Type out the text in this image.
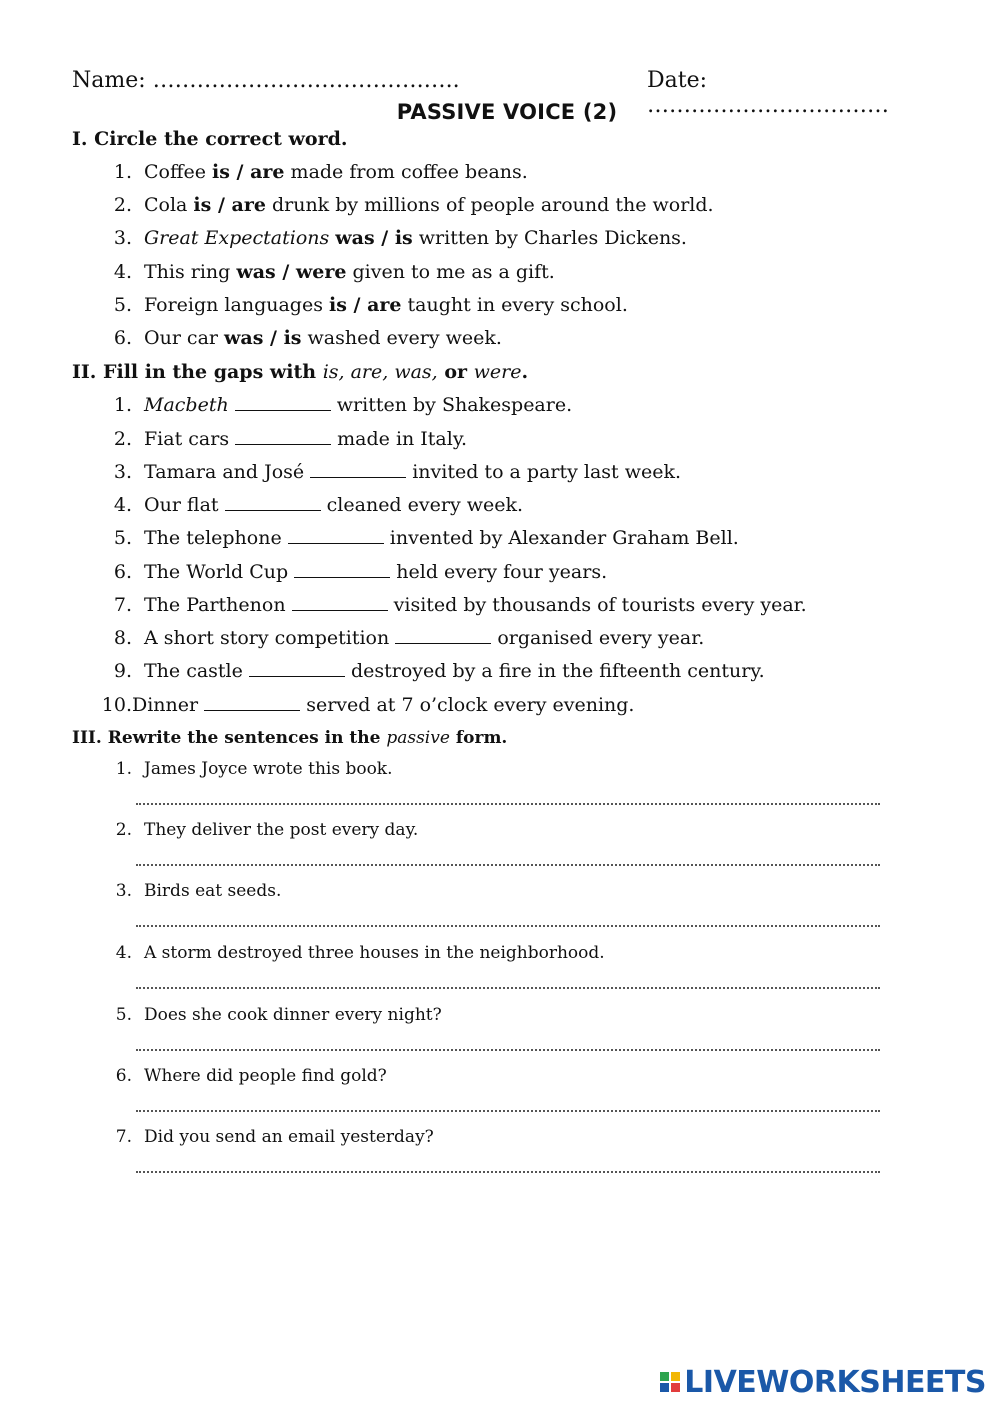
Name: ……………………………….…..	Date: ……………………………
PASSIVE VOICE (2)
I. Circle the correct word.
1. Coffee is / are made from coffee beans.
2. Cola is / are drunk by millions of people around the world.
3. Great Expectations was / is written by Charles Dickens.
4. This ring was / were given to me as a gift.
5. Foreign languages is / are taught in every school.
6. Our car was / is washed every week.
II. Fill in the gaps with is, are, was, or were.
1. Macbeth	written by Shakespeare.
2. Fiat cars	made in Italy.
3. Tamara and José	invited to a party last week.
4. Our flat	cleaned every week.
5. The telephone	invented by Alexander Graham Bell.
6. The World Cup	held every four years.
7. The Parthenon	visited by thousands of tourists every year.
8. A short story competition	organised every year.
9. The castle	destroyed by a fire in the fifteenth century.
10.Dinner	served at 7 o’clock every evening.
III. Rewrite the sentences in the passive form.
1. James Joyce wrote this book.
2. They deliver the post every day.
3. Birds eat seeds.
4. A storm destroyed three houses in the neighborhood.
5. Does she cook dinner every night?
6. Where did people find gold?
7. Did you send an email yesterday?
LIVEWORKSHEETS
